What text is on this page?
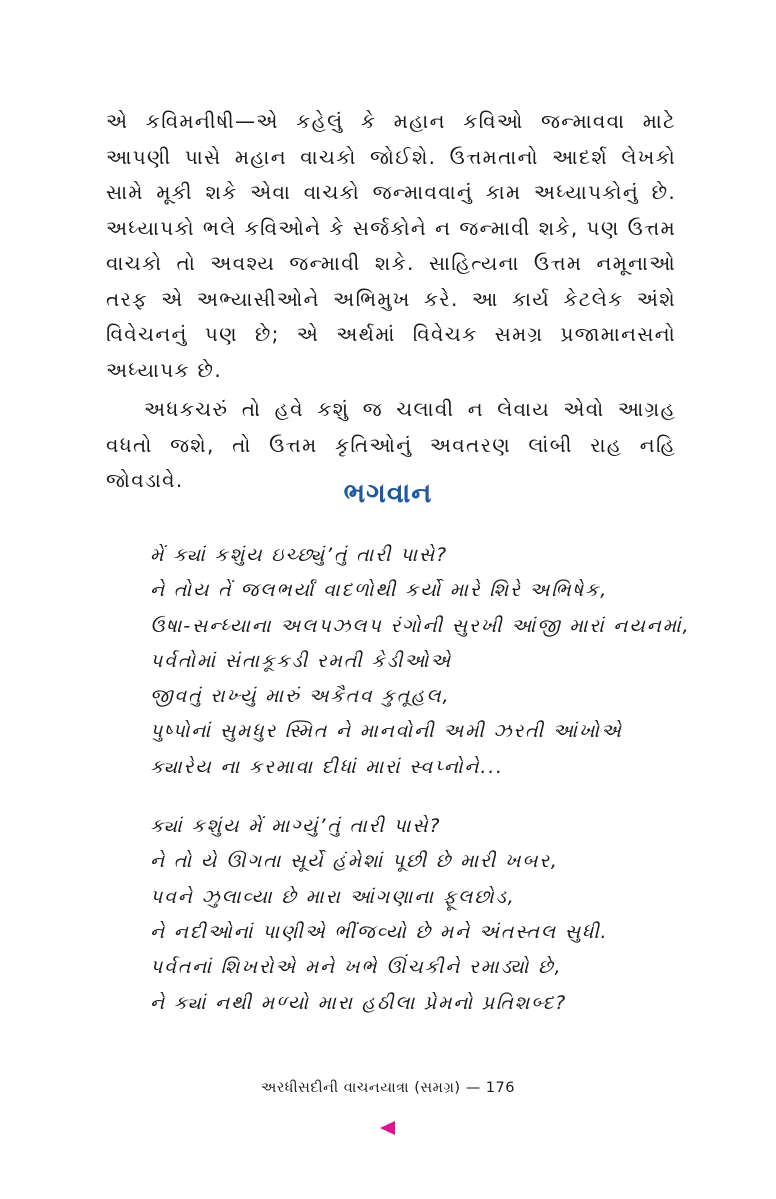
એ કવિમનીષી—એ કહેલું કે મહાન કવિઓ જન્માવવા માટે આપણી પાસે મહાન વાચકો જોઈશે. ઉત્તમતાનો આદર્શ લેખકો સામે મૂકી શકે એવા વાચકો જન્માવવાનું કામ અધ્યાપકોનું છે. અધ્યાપકો ભલે કવિઓને કે સર્જકોને ન જન્માવી શકે, પણ ઉત્તમ વાચકો તો અવશ્ય જન્માવી શકે. સાહિત્યના ઉત્તમ નમૂનાઓ તરફ એ અભ્યાસીઓને અભિમુખ કરે. આ કાર્ય કેટલેક અંશે વિવેચનનું પણ છે; એ અર્થમાં વિવેચક સમગ્ર પ્રજામાનસનો અધ્યાપક છે.

અધકચરું તો હવે કશું જ ચલાવી ન લેવાય એવો આગ્રહ વધતો જશે, તો ઉત્તમ કૃતિઓનું અવતરણ લાંબી રાહ નહિ જોવડાવે.	ભગવાન
મેં ક્યાં કશુંય ઇચ્છ્યું’તું તારી પાસે?
ને તોય તેં જલભર્યાં વાદળોથી કર્યો મારે શિરે અભિષેક,
ઉષા-સન્ધ્યાના અલપઝલપ રંગોની સુરખી આંજી મારાં નયનમાં,
પર્વતોમાં સંતાકૂકડી રમતી કેડીઓએ
જીવતું રાખ્યું મારું અકૈતવ કુતૂહલ,
પુષ્પોનાં સુમધુર સ્મિત ને માનવોની અમી ઝરતી આંખોએ
ક્યારેય ના કરમાવા દીધાં મારાં સ્વપ્નોને...
ક્યાં કશુંય મેં માગ્યું’તું તારી પાસે?
ને તો યે ઊગતા સૂર્યે હંમેશાં પૂછી છે મારી ખબર,
પવને ઝુલાવ્યા છે મારા આંગણાના ફૂલછોડ,
ને નદીઓનાં પાણીએ ભીંજવ્યો છે મને અંતસ્તલ સુધી.
પર્વતનાં શિખરોએ મને ખભે ઊંચકીને રમાડ્યો છે,
ને ક્યાં નથી મળ્યો મારા હઠીલા પ્રેમનો પ્રતિશબ્દ?
અરધીસદીની વાચનયાત્રા (સમગ્ર) — 176
